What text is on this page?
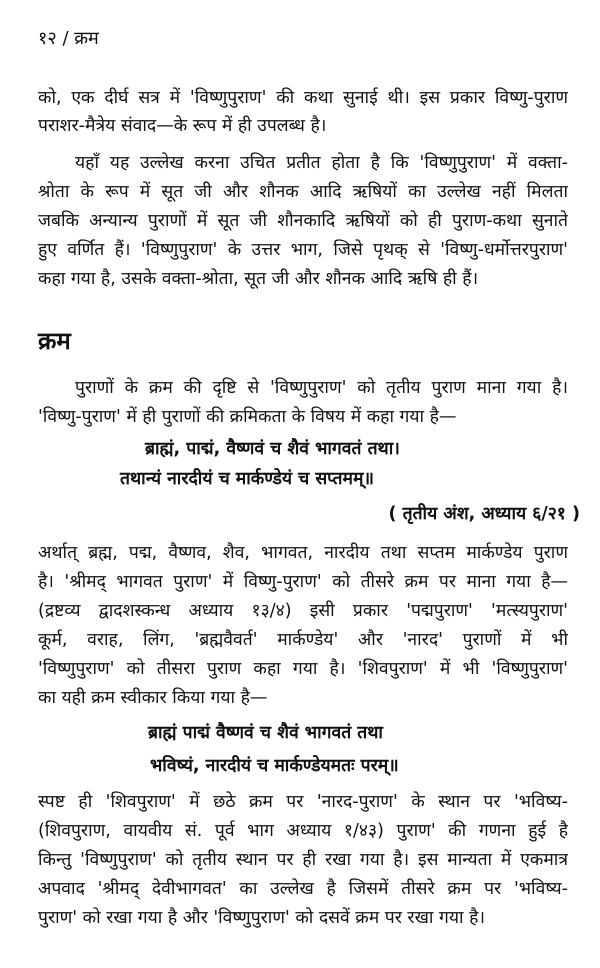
१२ / क्रम
को, एक दीर्घ सत्र में 'विष्णुपुराण' की कथा सुनाई थी। इस प्रकार विष्णु-पुराण
पराशर-मैत्रेय संवाद—के रूप में ही उपलब्ध है।
यहाँ यह उल्लेख करना उचित प्रतीत होता है कि 'विष्णुपुराण' में वक्ता-
श्रोता के रूप में सूत जी और शौनक आदि ऋषियों का उल्लेख नहीं मिलता
जबकि अन्यान्य पुराणों में सूत जी शौनकादि ऋषियों को ही पुराण-कथा सुनाते
हुए वर्णित हैं। 'विष्णुपुराण' के उत्तर भाग, जिसे पृथक् से 'विष्णु-धर्मोत्तरपुराण'
कहा गया है, उसके वक्ता-श्रोता, सूत जी और शौनक आदि ऋषि ही हैं।
क्रम
पुराणों के क्रम की दृष्टि से 'विष्णुपुराण' को तृतीय पुराण माना गया है।
'विष्णु-पुराण' में ही पुराणों की क्रमिकता के विषय में कहा गया है—
ब्राह्मं, पाद्मं, वैष्णवं च शैवं भागवतं तथा।
तथान्यं नारदीयं च मार्कण्डेयं च सप्तमम्॥
( तृतीय अंश, अध्याय ६/२१ )
अर्थात् ब्रह्म, पद्म, वैष्णव, शैव, भागवत, नारदीय तथा सप्तम मार्कण्डेय पुराण
है। 'श्रीमद् भागवत पुराण' में विष्णु-पुराण' को तीसरे क्रम पर माना गया है—
(द्रष्टव्य द्वादशस्कन्ध अध्याय १३/४) इसी प्रकार 'पद्मपुराण' 'मत्स्यपुराण'
कूर्म, वराह, लिंग, 'ब्रह्मवैवर्त' मार्कण्डेय' और 'नारद' पुराणों में भी
'विष्णुपुराण' को तीसरा पुराण कहा गया है। 'शिवपुराण' में भी 'विष्णुपुराण'
का यही क्रम स्वीकार किया गया है—
ब्राह्मं पाद्मं वैष्णवं च शैवं भागवतं तथा
भविष्यं, नारदीयं च मार्कण्डेयमतः परम्॥
स्पष्ट ही 'शिवपुराण' में छठे क्रम पर 'नारद-पुराण' के स्थान पर 'भविष्य-
(शिवपुराण, वायवीय सं. पूर्व भाग अध्याय १/४३) पुराण' की गणना हुई है
किन्तु 'विष्णुपुराण' को तृतीय स्थान पर ही रखा गया है। इस मान्यता में एकमात्र
अपवाद 'श्रीमद् देवीभागवत' का उल्लेख है जिसमें तीसरे क्रम पर 'भविष्य-
पुराण' को रखा गया है और 'विष्णुपुराण' को दसवें क्रम पर रखा गया है।
